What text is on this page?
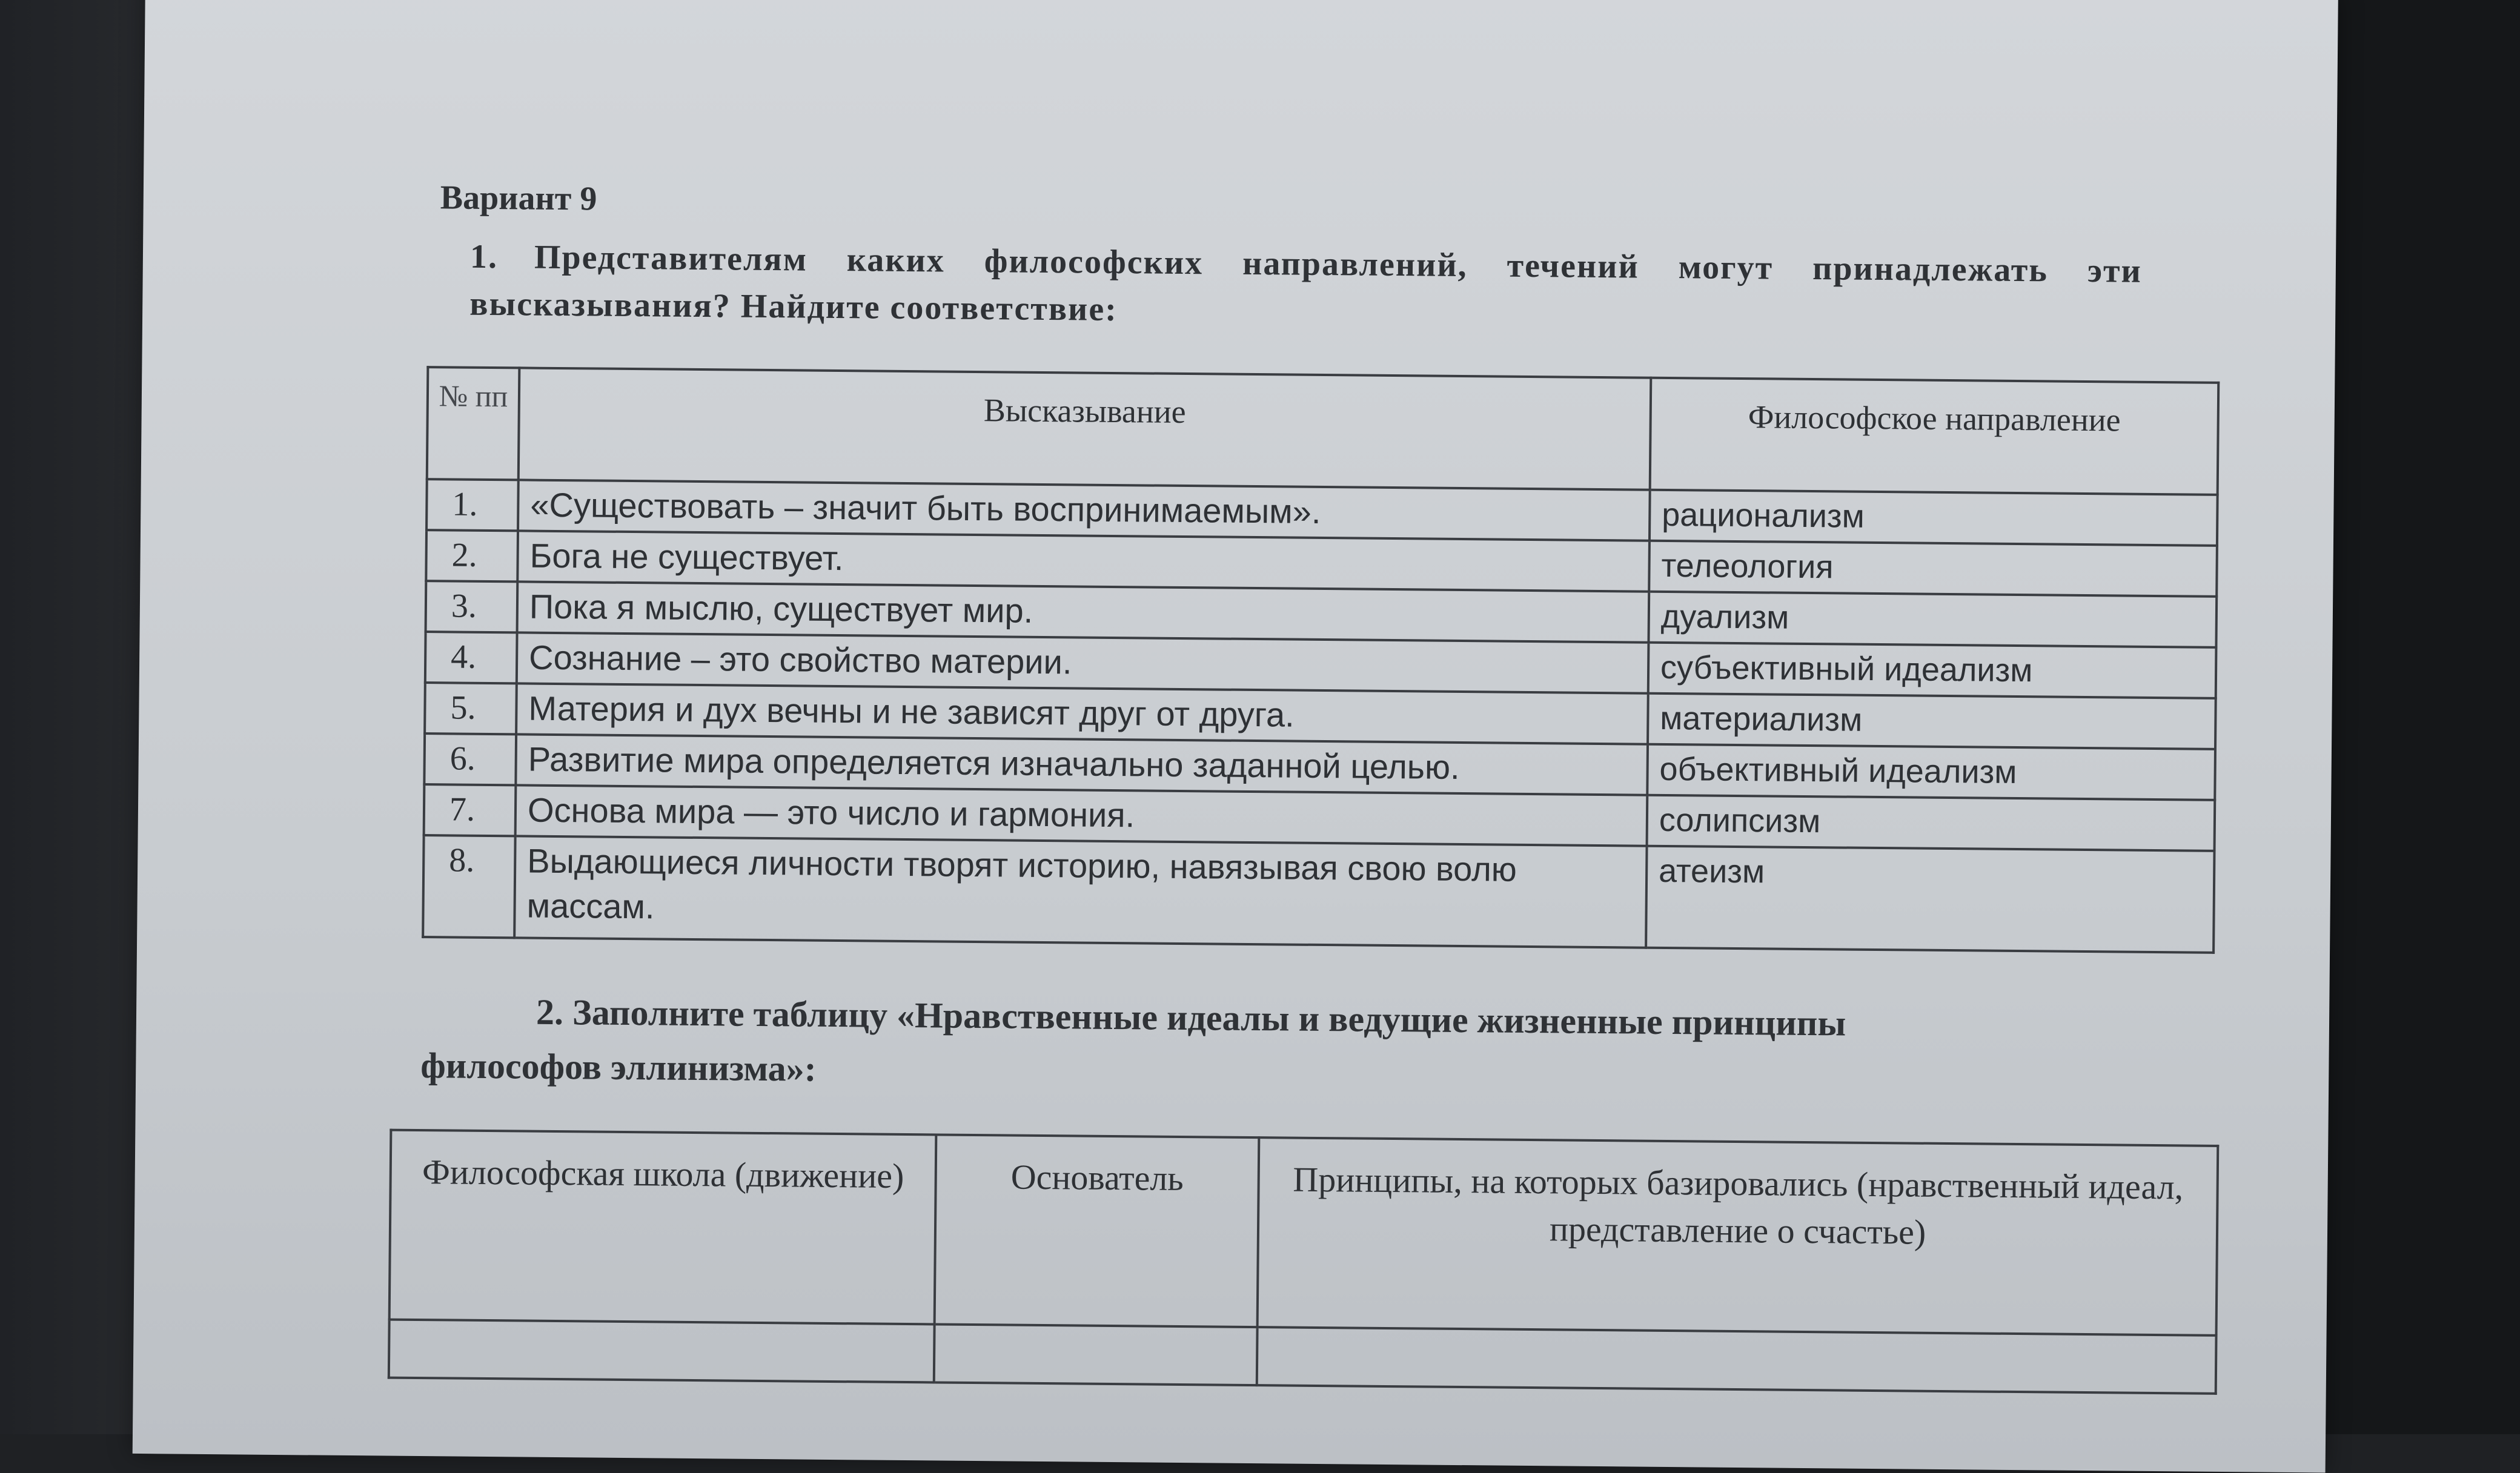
Вариант 9
1. Представителям каких философских направлений, течений могут принадлежать эти высказывания? Найдите соответствие:
№ пп	Высказывание	Философское направление
1.	«Существовать – значит быть воспринимаемым».	рационализм
2.	Бога не существует.	телеология
3.	Пока я мыслю, существует мир.	дуализм
4.	Сознание – это свойство материи.	субъективный идеализм
5.	Материя и дух вечны и не зависят друг от друга.	материализм
6.	Развитие мира определяется изначально заданной целью.	объективный идеализм
7.	Основа мира — это число и гармония.	солипсизм
8.	Выдающиеся личности творят историю, навязывая свою волю массам.	атеизм
2. Заполните таблицу «Нравственные идеалы и ведущие жизненные принципы
философов эллинизма»:
Философская школа (движение)	Основатель	Принципы, на которых базировались (нравственный идеал, представление о счастье)
